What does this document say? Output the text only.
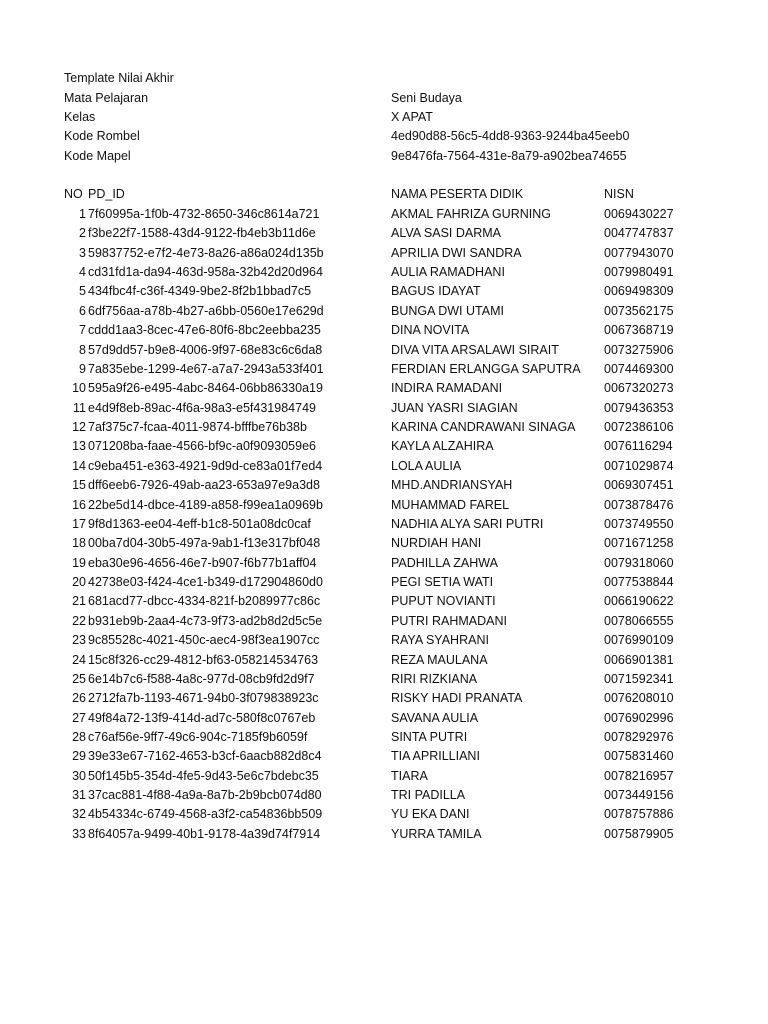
Template Nilai Akhir
Mata Pelajaran	Seni Budaya
Kelas	X APAT
Kode Rombel	4ed90d88-56c5-4dd8-9363-9244ba45eeb0
Kode Mapel	9e8476fa-7564-431e-8a79-a902bea74655
NO PD_ID	NAMA PESERTA DIDIK	NISN
1 7f60995a-1f0b-4732-8650-346c8614a721	AKMAL FAHRIZA GURNING	0069430227
2 f3be22f7-1588-43d4-9122-fb4eb3b11d6e	ALVA SASI DARMA	0047747837
3 59837752-e7f2-4e73-8a26-a86a024d135b	APRILIA DWI SANDRA	0077943070
4 cd31fd1a-da94-463d-958a-32b42d20d964	AULIA RAMADHANI	0079980491
5 434fbc4f-c36f-4349-9be2-8f2b1bbad7c5	BAGUS IDAYAT	0069498309
6 6df756aa-a78b-4b27-a6bb-0560e17e629d	BUNGA DWI UTAMI	0073562175
7 cddd1aa3-8cec-47e6-80f6-8bc2eebba235	DINA NOVITA	0067368719
8 57d9dd57-b9e8-4006-9f97-68e83c6c6da8	DIVA VITA ARSALAWI SIRAIT	0073275906
9 7a835ebe-1299-4e67-a7a7-2943a533f401	FERDIAN ERLANGGA SAPUTRA 0074469300
10 595a9f26-e495-4abc-8464-06bb86330a19	INDIRA RAMADANI	0067320273
11 e4d9f8eb-89ac-4f6a-98a3-e5f431984749	JUAN YASRI SIAGIAN	0079436353
12 7af375c7-fcaa-4011-9874-bfffbe76b38b	KARINA CANDRAWANI SINAGA 0072386106
13 071208ba-faae-4566-bf9c-a0f9093059e6	KAYLA ALZAHIRA	0076116294
14 c9eba451-e363-4921-9d9d-ce83a01f7ed4	LOLA AULIA	0071029874
15 dff6eeb6-7926-49ab-aa23-653a97e9a3d8	MHD.ANDRIANSYAH	0069307451
16 22be5d14-dbce-4189-a858-f99ea1a0969b	MUHAMMAD FAREL	0073878476
17 9f8d1363-ee04-4eff-b1c8-501a08dc0caf	NADHIA ALYA SARI PUTRI	0073749550
18 00ba7d04-30b5-497a-9ab1-f13e317bf048	NURDIAH HANI	0071671258
19 eba30e96-4656-46e7-b907-f6b77b1aff04	PADHILLA ZAHWA	0079318060
20 42738e03-f424-4ce1-b349-d172904860d0	PEGI SETIA WATI	0077538844
21 681acd77-dbcc-4334-821f-b2089977c86c	PUPUT NOVIANTI	0066190622
22 b931eb9b-2aa4-4c73-9f73-ad2b8d2d5c5e	PUTRI RAHMADANI	0078066555
23 9c85528c-4021-450c-aec4-98f3ea1907cc	RAYA SYAHRANI	0076990109
24 15c8f326-cc29-4812-bf63-058214534763	REZA MAULANA	0066901381
25 6e14b7c6-f588-4a8c-977d-08cb9fd2d9f7	RIRI RIZKIANA	0071592341
26 2712fa7b-1193-4671-94b0-3f079838923c	RISKY HADI PRANATA	0076208010
27 49f84a72-13f9-414d-ad7c-580f8c0767eb	SAVANA AULIA	0076902996
28 c76af56e-9ff7-49c6-904c-7185f9b6059f	SINTA PUTRI	0078292976
29 39e33e67-7162-4653-b3cf-6aacb882d8c4	TIA APRILLIANI	0075831460
30 50f145b5-354d-4fe5-9d43-5e6c7bdebc35	TIARA	0078216957
31 37cac881-4f88-4a9a-8a7b-2b9bcb074d80	TRI PADILLA	0073449156
32 4b54334c-6749-4568-a3f2-ca54836bb509	YU EKA DANI	0078757886
33 8f64057a-9499-40b1-9178-4a39d74f7914	YURRA TAMILA	0075879905
